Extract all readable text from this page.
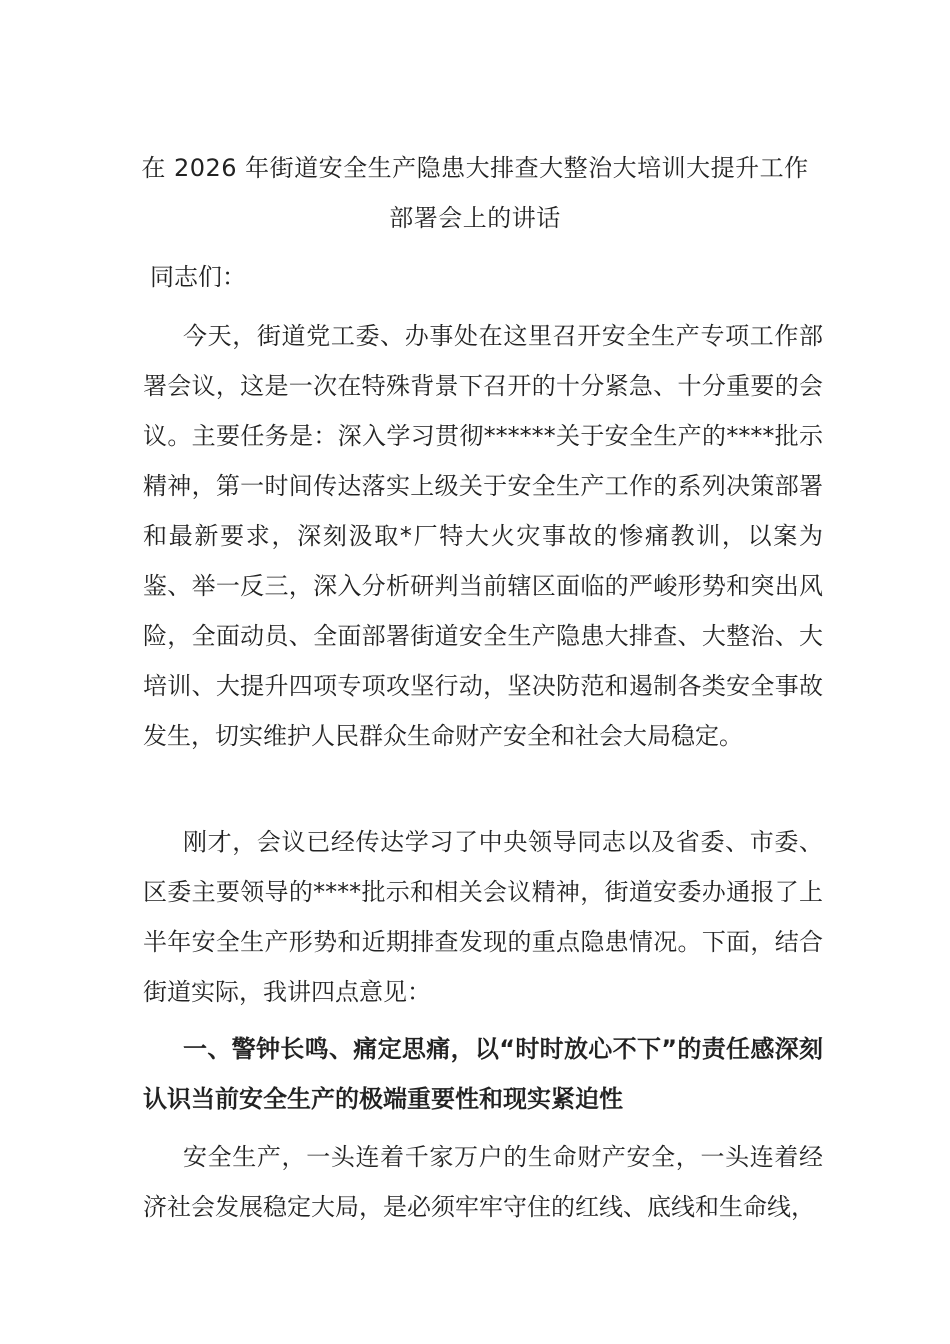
在 2026 年街道安全生产隐患大排查大整治大培训大提升工作
部署会上的讲话

同志们：

今天，街道党工委、办事处在这里召开安全生产专项工作部署会议，这是一次在特殊背景下召开的十分紧急、十分重要的会议。主要任务是：深入学习贯彻******关于安全生产的****批示精神，第一时间传达落实上级关于安全生产工作的系列决策部署和最新要求，深刻汲取*厂特大火灾事故的惨痛教训，以案为鉴、举一反三，深入分析研判当前辖区面临的严峻形势和突出风险，全面动员、全面部署街道安全生产隐患大排查、大整治、大培训、大提升四项专项攻坚行动，坚决防范和遏制各类安全事故发生，切实维护人民群众生命财产安全和社会大局稳定。

刚才，会议已经传达学习了中央领导同志以及省委、市委、区委主要领导的****批示和相关会议精神，街道安委办通报了上半年安全生产形势和近期排查发现的重点隐患情况。下面，结合街道实际，我讲四点意见：

一、警钟长鸣、痛定思痛，以“时时放心不下”的责任感深刻认识当前安全生产的极端重要性和现实紧迫性

安全生产，一头连着千家万户的生命财产安全，一头连着经济社会发展稳定大局，是必须牢牢守住的红线、底线和生命线，
